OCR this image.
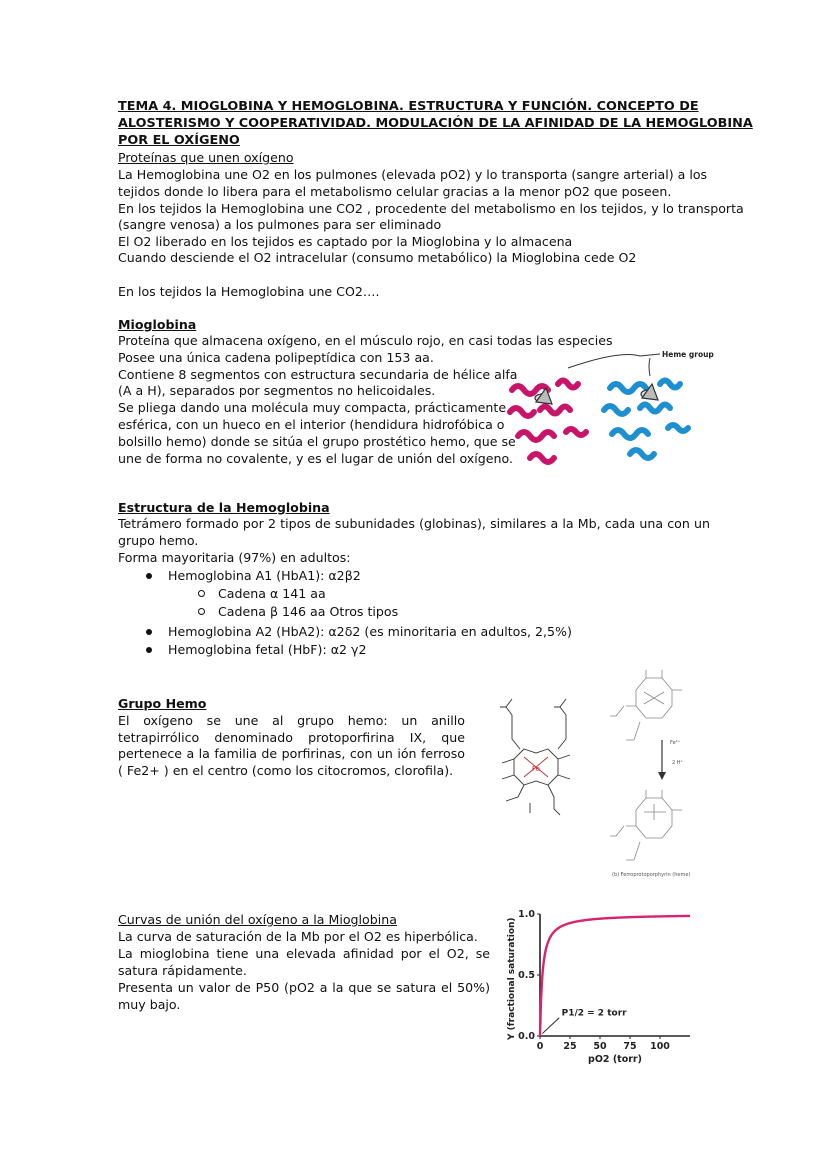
TEMA 4. MIOGLOBINA Y HEMOGLOBINA. ESTRUCTURA Y FUNCIÓN. CONCEPTO DE
ALOSTERISMO Y COOPERATIVIDAD. MODULACIÓN DE LA AFINIDAD DE LA HEMOGLOBINA
POR EL OXÍGENO
Proteínas que unen oxígeno
La Hemoglobina une O2 en los pulmones (elevada pO2) y lo transporta (sangre arterial) a los
tejidos donde lo libera para el metabolismo celular gracias a la menor pO2 que poseen.
En los tejidos la Hemoglobina une CO2 , procedente del metabolismo en los tejidos, y lo transporta
(sangre venosa) a los pulmones para ser eliminado
El O2 liberado en los tejidos es captado por la Mioglobina y lo almacena
Cuando desciende el O2 intracelular (consumo metabólico) la Mioglobina cede O2
En los tejidos la Hemoglobina une CO2….
Mioglobina
Proteína que almacena oxígeno, en el músculo rojo, en casi todas las especies
Posee una única cadena polipeptídica con 153 aa.
Contiene 8 segmentos con estructura secundaria de hélice alfa
(A a H), separados por segmentos no helicoidales.
Se pliega dando una molécula muy compacta, prácticamente
esférica, con un hueco en el interior (hendidura hidrofóbica o
bolsillo hemo) donde se sitúa el grupo prostético hemo, que se
une de forma no covalente, y es el lugar de unión del oxígeno.
Heme group
Estructura de la Hemoglobina
Tetrámero formado por 2 tipos de subunidades (globinas), similares a la Mb, cada una con un grupo hemo.
Forma mayoritaria (97%) en adultos:
Hemoglobina A1 (HbA1): α2β2
Cadena α 141 aa
Cadena β 146 aa Otros tipos
Hemoglobina A2 (HbA2): α2δ2 (es minoritaria en adultos, 2,5%)
Hemoglobina fetal (HbF): α2 γ2
Grupo Hemo
El oxígeno se une al grupo hemo: un anillo tetrapirrólico denominado protoporfirina IX, que pertenece a la familia de porfirinas, con un ión ferroso ( Fe2+ ) en el centro (como los citocromos, clorofila).	Fe
Fe²⁺
2 H⁺
(b) Ferroprotoporphyrin (heme)
Curvas de unión del oxígeno a la Mioglobina
La curva de saturación de la Mb por el O2 es hiperbólica.
La mioglobina tiene una elevada afinidad por el O2, se satura rápidamente.
Presenta un valor de P50 (pO2 a la que se satura el 50%) muy bajo.
0 25 50 75 100
0.0
0.5
1.0
Y (fractional saturation)
pO2 (torr)
P1/2 = 2 torr
